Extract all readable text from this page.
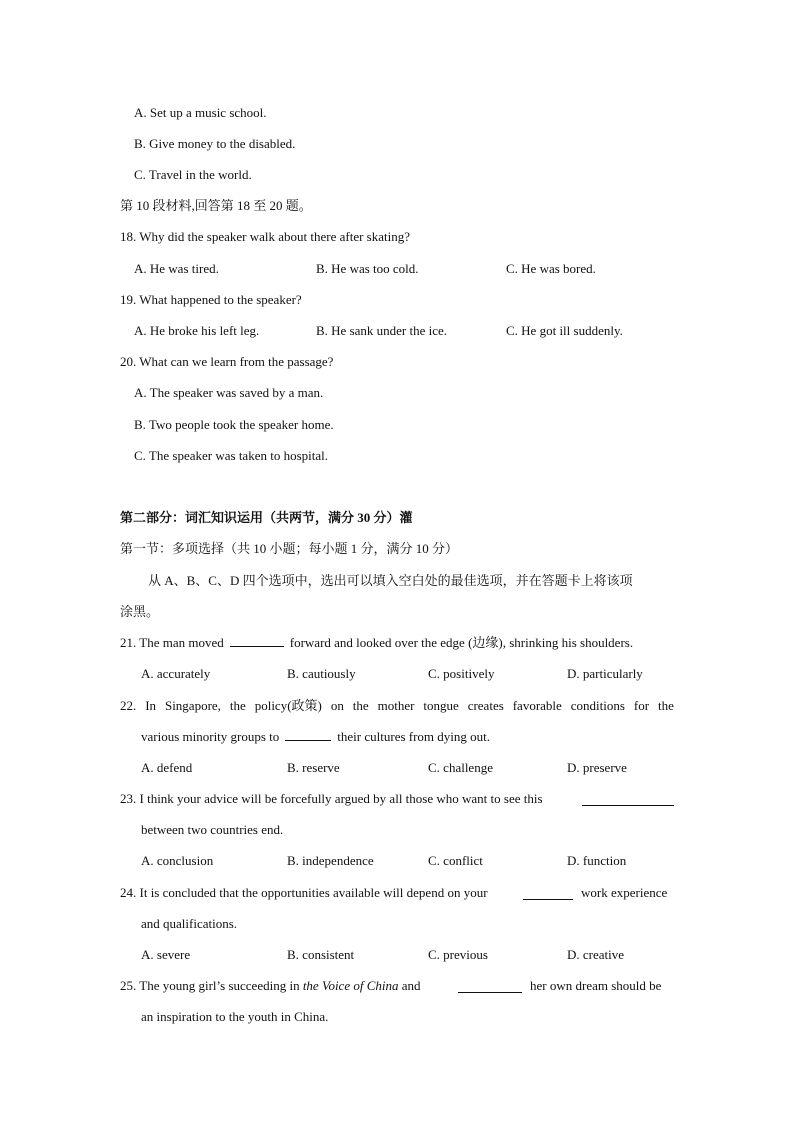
A. Set up a music school.
B. Give money to the disabled.
C. Travel in the world.
第 10 段材料,回答第 18 至 20 题。
18. Why did the speaker walk about there after skating?
A. He was tired.	B. He was too cold.	C. He was bored.
19. What happened to the speaker?
A. He broke his left leg.	B. He sank under the ice.	C. He got ill suddenly.
20. What can we learn from the passage?
A. The speaker was saved by a man.
B. Two people took the speaker home.
C. The speaker was taken to hospital.
第二部分：词汇知识运用（共两节，满分 30 分）灌
第一节：多项选择（共 10 小题；每小题 1 分，满分 10 分）
从 A、B、C、D 四个选项中，选出可以填入空白处的最佳选项，并在答题卡上将该项
涂黑。
21. The man moved	forward and looked over the edge (边缘), shrinking his shoulders.
A. accurately	B. cautiously	C. positively	D. particularly
22. In Singapore, the policy(政策) on the mother tongue creates favorable conditions for the
various minority groups to	their cultures from dying out.
A. defend	B. reserve	C. challenge	D. preserve
23. I think your advice will be forcefully argued by all those who want to see this
between two countries end.
A. conclusion	B. independence	C. conflict	D. function
24. It is concluded that the opportunities available will depend on your	work experience
and qualifications.
A. severe	B. consistent	C. previous	D. creative
25. The young girl’s succeeding in the Voice of China and	her own dream should be
an inspiration to the youth in China.
